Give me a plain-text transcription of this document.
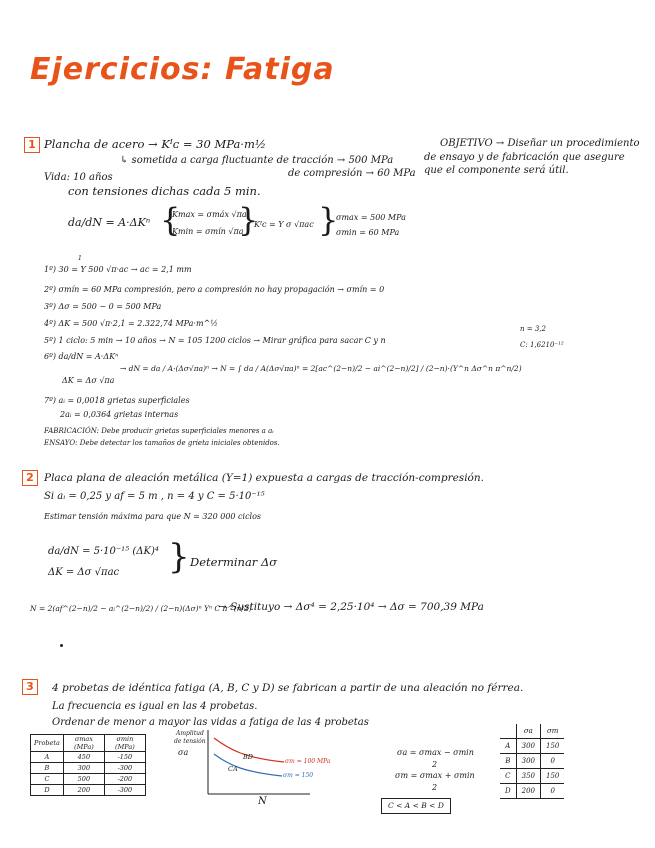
Ejercicios: Fatiga
1 Plancha de acero → Kᴵᴄ = 30 MPa·m½
↳ sometida a carga fluctuante de tracción → 500 MPa
de compresión → 60 MPa
OBJETIVO → Diseñar un procedimiento
de ensayo y de fabricación que asegure
que el componente será útil.
Vida: 10 años
con tensiones dichas cada 5 min.
da/dN = A·ΔKⁿ {
Kmax = σmáx √πa
Kmin = σmín √πa
}
Kᴵᴄ = Y σ √πac }
σmax = 500 MPa
σmin = 60 MPa
1
1º) 30 = Y 500 √π·ac → ac = 2,1 mm
2º) σmín = 60 MPa compresión, pero a compresión no hay propagación → σmín = 0
3º) Δσ = 500 − 0 = 500 MPa
4º) ΔK = 500 √π·2,1 = 2.322,74 MPa·m^½
5º) 1 ciclo: 5 min → 10 años → N = 105 1200 ciclos → Mirar gráfica para sacar C y n
n = 3,2
C: 1,6210⁻¹²
6º) da/dN = A·ΔKⁿ
ΔK = Δσ √πa
→ dN = da / A·(Δσ√πa)ⁿ → N = ∫ da / A(Δσ√πa)ⁿ = 2[ac^(2−n)/2 − ai^(2−n)/2] / (2−n)·(Y^n Δσ^n π^n/2)
7º) aᵢ = 0,0018 grietas superficiales
2aᵢ = 0,0364 grietas internas
FABRICACIÓN: Debe producir grietas superficiales menores a aᵢ
ENSAYO: Debe detectar los tamaños de grieta iniciales obtenidos.
2 Placa plana de aleación metálica (Y=1) expuesta a cargas de tracción-compresión.
Si aᵢ = 0,25 y af = 5 m , n = 4 y C = 5·10⁻¹⁵
Estimar tensión máxima para que N = 320 000 ciclos
da/dN = 5·10⁻¹⁵ (ΔK)⁴
ΔK = Δσ √πac } Determinar Δσ
N = 2(af^(2−n)/2 − aᵢ^(2−n)/2) / (2−n)(Δσ)ⁿ Yⁿ C π^(n/2)
→ Sustituyo → Δσ⁴ = 2,25·10⁴ → Δσ = 700,39 MPa
3	4 probetas de idéntica fatiga (A, B, C y D) se fabrican a partir de una aleación no férrea.
La frecuencia es igual en las 4 probetas.
Ordenar de menor a mayor las vidas a fatiga de las 4 probetas
Probeta	σmax (MPa)	σmin (MPa)
A	450	-150
B	300	-300
C	500	-200
D	200	-300
Amplitud
de tensión
σa	BD
CA
σm = 100 MPa
σm = 150
N
σa = σmax − σmin
2
σm = σmax + σmin
2
C < A < B < D
	σa	σm
A	300	150
B	300	0
C	350	150
D	200	0
